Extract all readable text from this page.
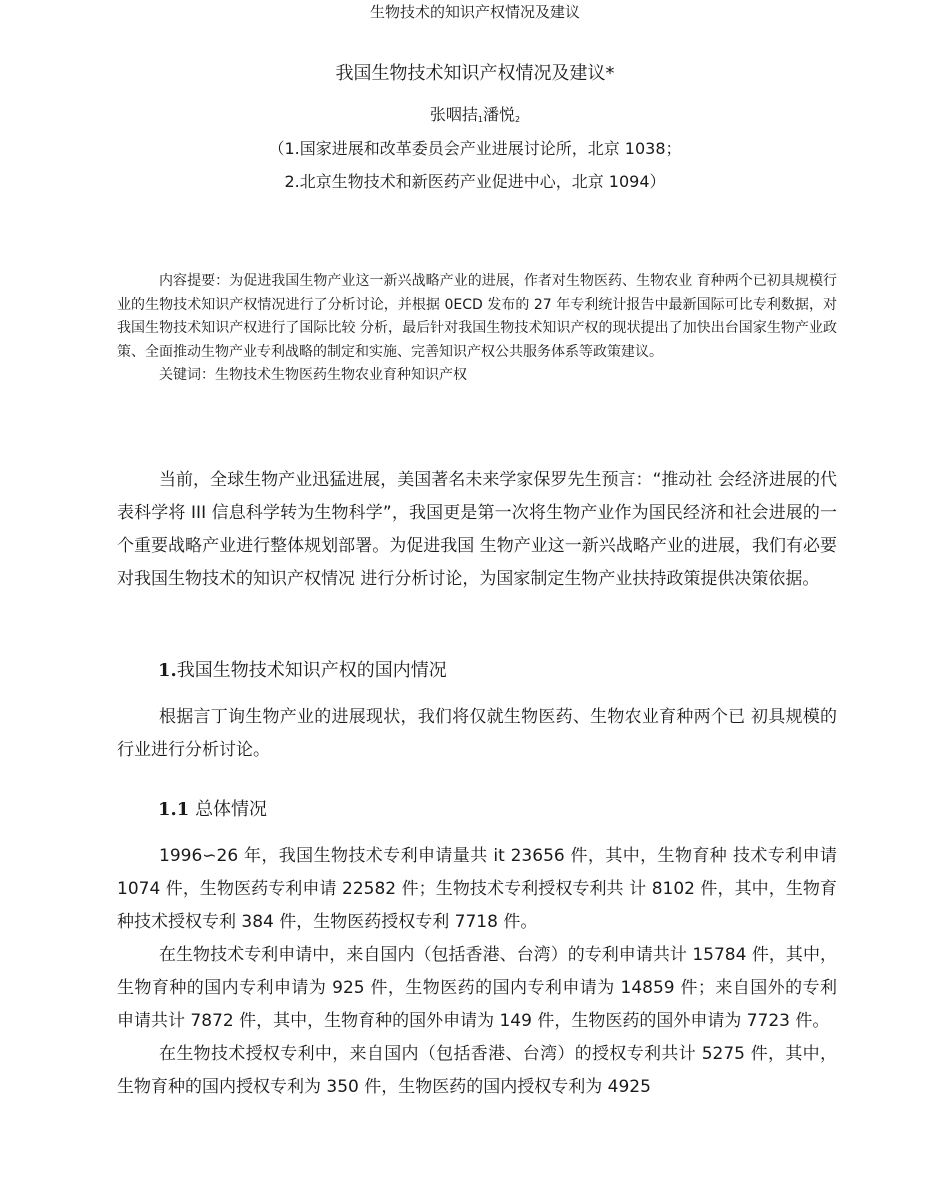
生物技术的知识产权情况及建议
我国生物技术知识产权情况及建议*
张咽拮$_1$潘悦$_2$
（1.国家进展和改革委员会产业进展讨论所，北京 1038；
2.北京生物技术和新医药产业促进中心，北京 1094）

内容提要：为促进我国生物产业这一新兴战略产业的进展，作者对生物医药、生物农业 育种两个已初具规模行业的生物技术知识产权情况进行了分析讨论，并根据 0ECD 发布的 27 年专利统计报告中最新国际可比专利数据，对我国生物技术知识产权进行了国际比较 分析，最后针对我国生物技术知识产权的现状提出了加快出台国家生物产业政策、全面推动生物产业专利战略的制定和实施、完善知识产权公共服务体系等政策建议。

关键词：生物技术生物医药生物农业育种知识产权

当前，全球生物产业迅猛进展，美国著名未来学家保罗先生预言：“推动社 会经济进展的代表科学将 III 信息科学转为生物科学”，我国更是第一次将生物产业作为国民经济和社会进展的一个重要战略产业进行整体规划部署。为促进我国 生物产业这一新兴战略产业的进展，我们有必要对我国生物技术的知识产权情况 进行分析讨论，为国家制定生物产业扶持政策提供决策依据。

1.我国生物技术知识产权的国内情况

根据言丁询生物产业的进展现状，我们将仅就生物医药、生物农业育种两个已 初具规模的行业进行分析讨论。

1.1 总体情况

1996∽26 年，我国生物技术专利申请量共 it 23656 件，其中，生物育种 技术专利申请 1074 件，生物医药专利申请 22582 件；生物技术专利授权专利共 计 8102 件，其中，生物育种技术授权专利 384 件，生物医药授权专利 7718 件。

在生物技术专利申请中，来自国内（包括香港、台湾）的专利申请共计 15784 件，其中，生物育种的国内专利申请为 925 件，生物医药的国内专利申请为 14859 件；来自国外的专利申请共计 7872 件，其中，生物育种的国外申请为 149 件，生物医药的国外申请为 7723 件。

在生物技术授权专利中，来自国内（包括香港、台湾）的授权专利共计 5275 件，其中，生物育种的国内授权专利为 350 件，生物医药的国内授权专利为 4925
